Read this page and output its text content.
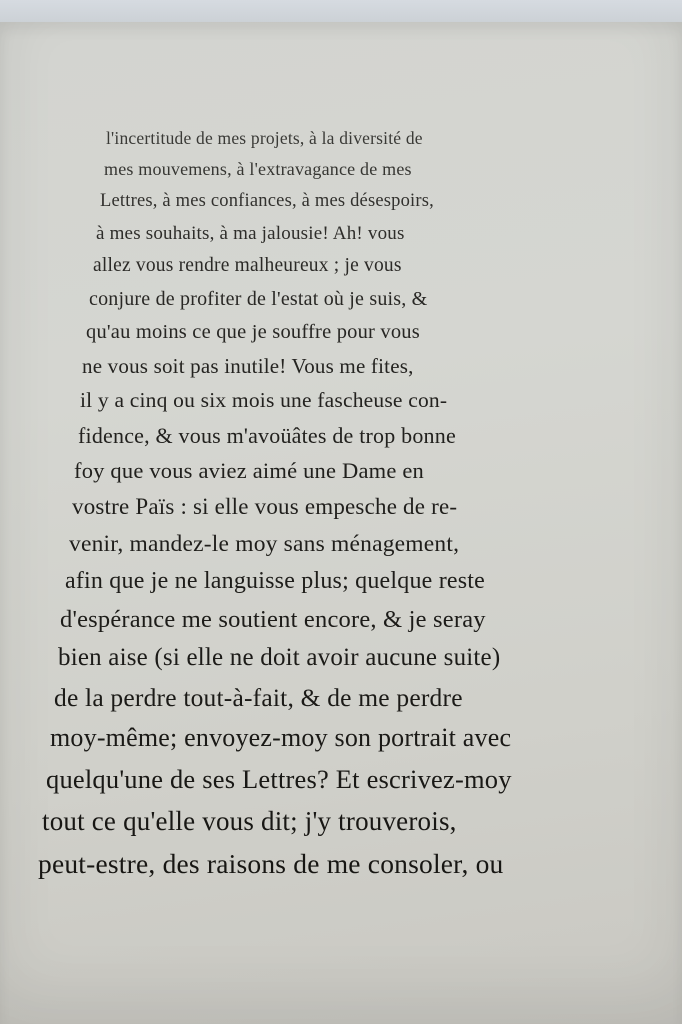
l'incertitude de mes projets, à la diversité de
mes mouvemens, à l'extravagance de mes
Lettres, à mes confiances, à mes désespoirs,
à mes souhaits, à ma jalousie! Ah! vous
allez vous rendre malheureux ; je vous
conjure de profiter de l'estat où je suis, &
qu'au moins ce que je souffre pour vous
ne vous soit pas inutile! Vous me fites,
il y a cinq ou six mois une fascheuse con-
fidence, & vous m'avoüâtes de trop bonne
foy que vous aviez aimé une Dame en
vostre Païs : si elle vous empesche de re-
venir, mandez-le moy sans ménagement,
afin que je ne languisse plus; quelque reste
d'espérance me soutient encore, & je seray
bien aise (si elle ne doit avoir aucune suite)
de la perdre tout-à-fait, & de me perdre
moy-même; envoyez-moy son portrait avec
quelqu'une de ses Lettres? Et escrivez-moy
tout ce qu'elle vous dit; j'y trouverois,
peut-estre, des raisons de me consoler, ou
